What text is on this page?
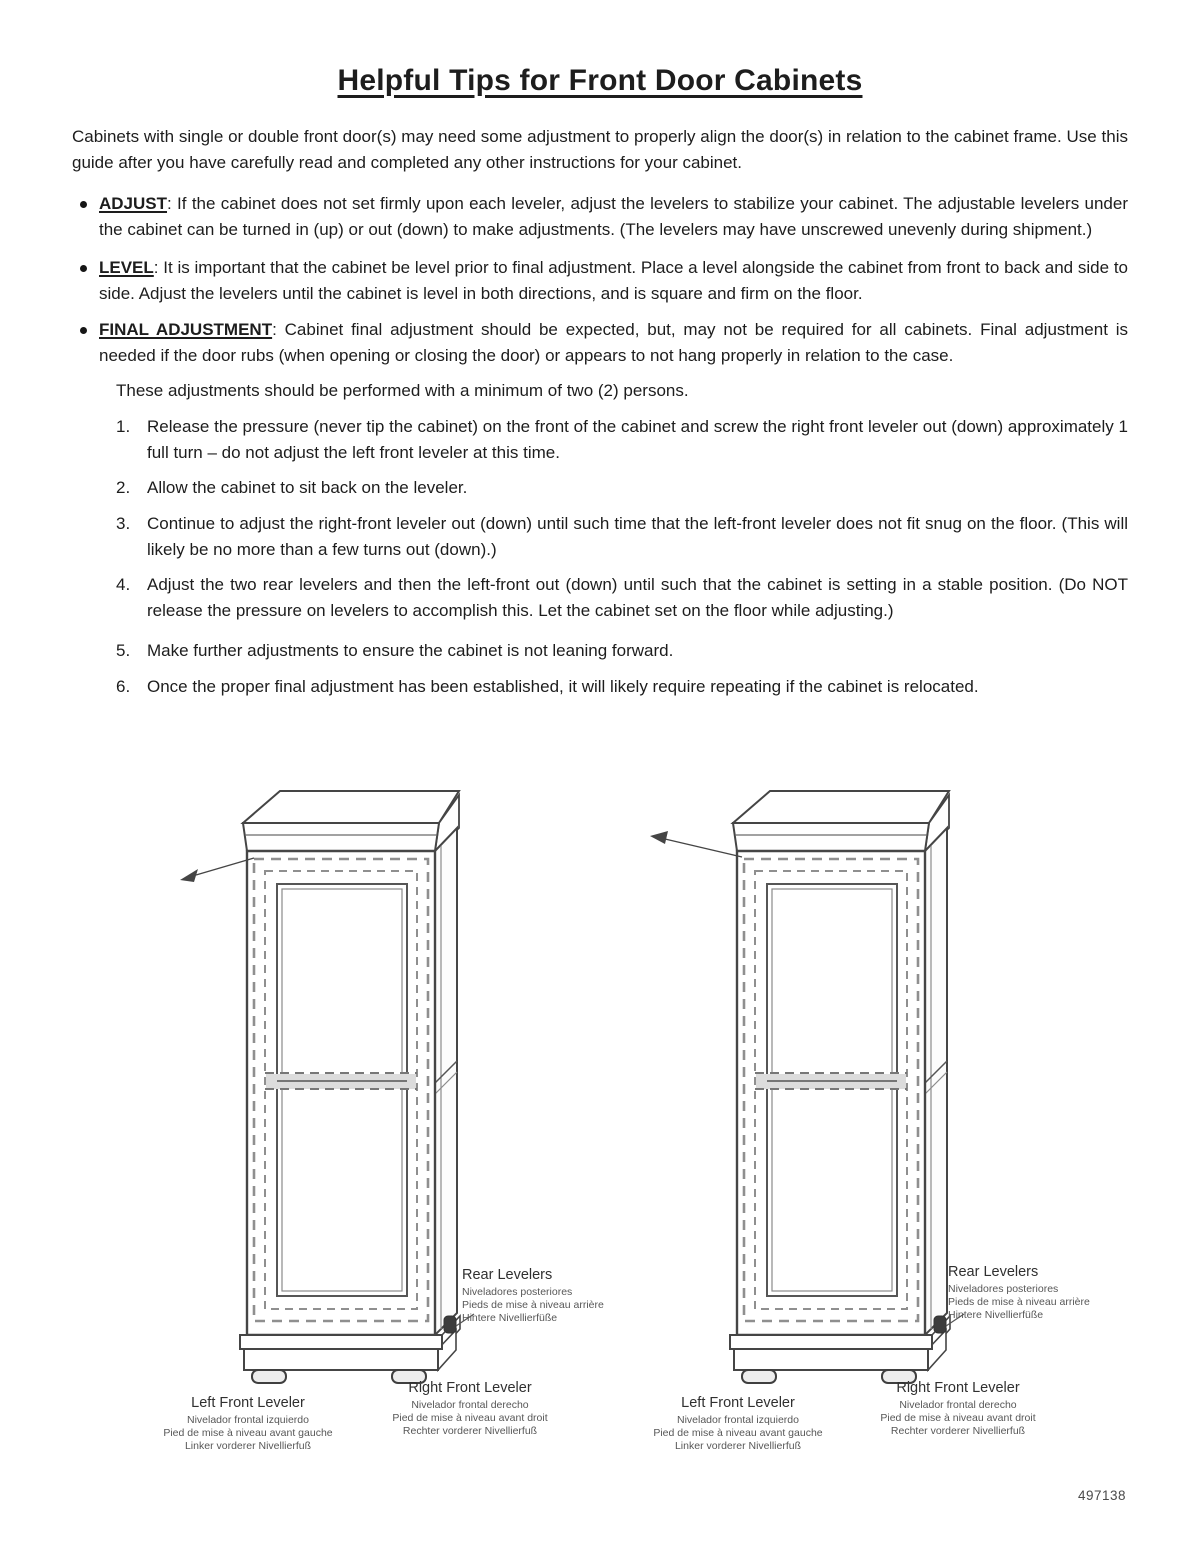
Helpful Tips for Front Door Cabinets

Cabinets with single or double front door(s) may need some adjustment to properly align the door(s) in relation to the cabinet frame. Use this guide after you have carefully read and completed any other instructions for your cabinet.

ADJUST: If the cabinet does not set firmly upon each leveler, adjust the levelers to stabilize your cabinet. The adjustable levelers under the cabinet can be turned in (up) or out (down) to make adjustments. (The levelers may have unscrewed unevenly during shipment.)

LEVEL: It is important that the cabinet be level prior to final adjustment. Place a level alongside the cabinet from front to back and side to side. Adjust the levelers until the cabinet is level in both directions, and is square and firm on the floor.

FINAL ADJUSTMENT: Cabinet final adjustment should be expected, but, may not be required for all cabinets. Final adjustment is needed if the door rubs (when opening or closing the door) or appears to not hang properly in relation to the case.

These adjustments should be performed with a minimum of two (2) persons.

1. Release the pressure (never tip the cabinet) on the front of the cabinet and screw the right front leveler out (down) approximately 1 full turn – do not adjust the left front leveler at this time.
2. Allow the cabinet to sit back on the leveler.
3. Continue to adjust the right-front leveler out (down) until such time that the left-front leveler does not fit snug on the floor. (This will likely be no more than a few turns out (down).)
4. Adjust the two rear levelers and then the left-front out (down) until such that the cabinet is setting in a stable position. (Do NOT release the pressure on levelers to accomplish this. Let the cabinet set on the floor while adjusting.)
5. Make further adjustments to ensure the cabinet is not leaning forward.
6. Once the proper final adjustment has been established, it will likely require repeating if the cabinet is relocated.
Rear Levelers
Niveladores posteriores
Pieds de mise à niveau arrière
Hintere Nivellierfüße
Rear Levelers
Niveladores posteriores
Pieds de mise à niveau arrière
Hintere Nivellierfüße
Right Front Leveler
Nivelador frontal derecho
Pied de mise à niveau avant droit
Rechter vorderer Nivellierfuß
Left Front Leveler
Nivelador frontal izquierdo
Pied de mise à niveau avant gauche
Linker vorderer Nivellierfuß
Right Front Leveler
Nivelador frontal derecho
Pied de mise à niveau avant droit
Rechter vorderer Nivellierfuß
Left Front Leveler
Nivelador frontal izquierdo
Pied de mise à niveau avant gauche
Linker vorderer Nivellierfuß
497138
